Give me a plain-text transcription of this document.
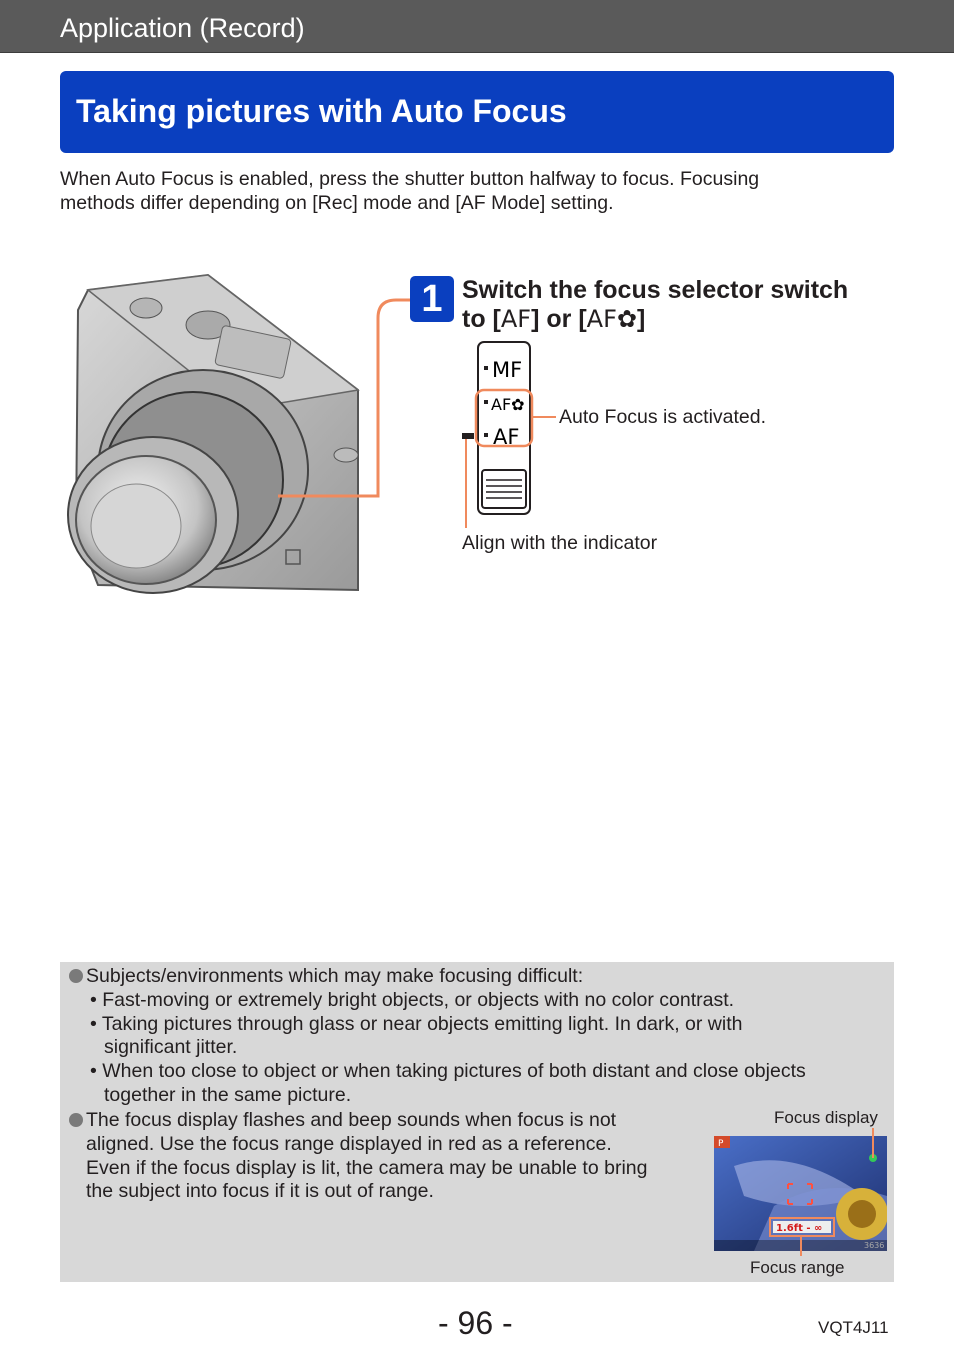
Application (Record)
Taking pictures with Auto Focus
When Auto Focus is enabled, press the shutter button halfway to focus. Focusing
methods differ depending on [Rec] mode and [AF Mode] setting.
1 Switch the focus selector switch
to [AF] or [AF✿]
MF
AF✿
AF
Auto Focus is activated.
Align with the indicator
Subjects/environments which may make focusing difficult:
• Fast-moving or extremely bright objects, or objects with no color contrast.
• Taking pictures through glass or near objects emitting light. In dark, or with
significant jitter.
• When too close to object or when taking pictures of both distant and close objects
together in the same picture.
The focus display flashes and beep sounds when focus is not
aligned. Use the focus range displayed in red as a reference.
Even if the focus display is lit, the camera may be unable to bring
the subject into focus if it is out of range.
Focus display
Focus range
P
1.6ft - ∞
3636
- 96 -	VQT4J11
